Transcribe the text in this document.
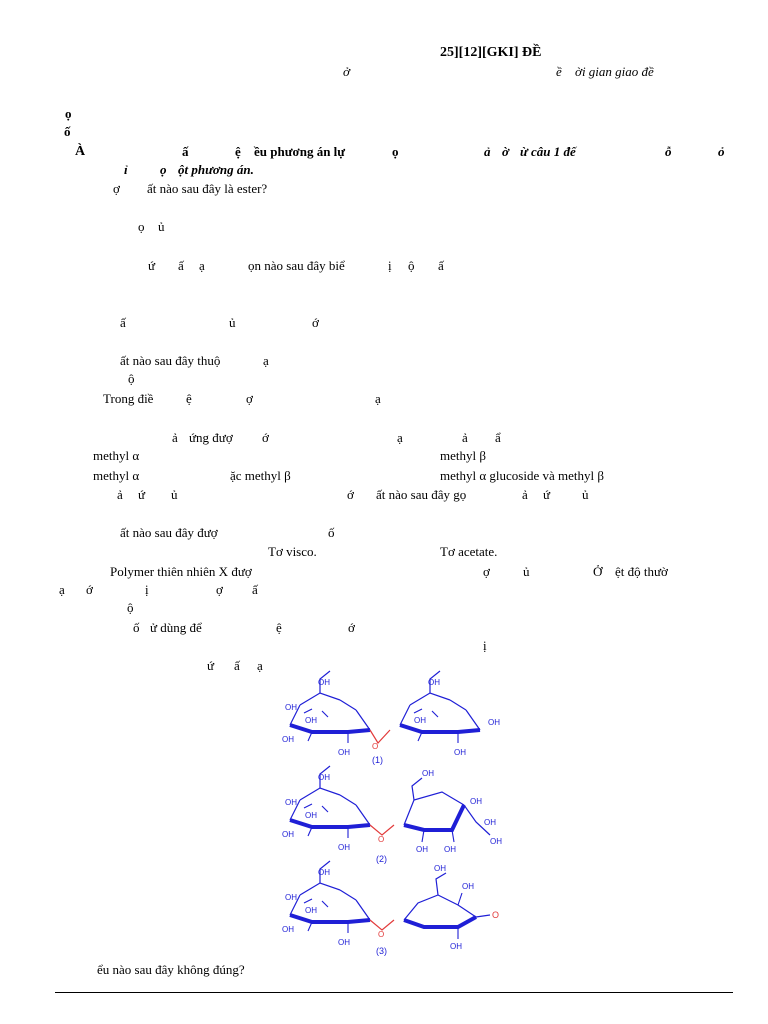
25][12][GKI] ĐỀ
ở	ề ời gian giao đề
ọ
ố
À	ấ	ệ ều phương án lự	ọ	ả ờ ừ câu 1 đế	ỗ	ỏ
ỉ ọ ột phương án.
ợ ất nào sau đây là ester?
ọ ủ
ứ ấ ạ	ọn nào sau đây biể	ị ộ ấ
ấ	ủ	ớ
ất nào sau đây thuộ	ạ
ộ
Trong điề	ệ	ợ	ạ
ả ứng đượ ớ	ạ	ả ẩ
methyl α	methyl β
methyl α	ặc methyl β	methyl α glucoside và methyl β
ả ứ ủ	ớ ất nào sau đây gọ	ả ứ ủ
ất nào sau đây đượ	ố
Tơ visco.	Tơ acetate.
Polymer thiên nhiên X đượ	ợ	ủ	Ở ệt độ thườ
ạ ớ	ị	ợ ấ
ộ
ố ử dùng để	ệ	ớ
ị
ứ ấ ạ
OH
OH
OH
OH
OH
O
OH
OH
OH
OH
(1)
OH
OH
OH
OH
OH
O
OH
OH
OH
OH
OH
OH
(2)
OH
OH
OH
OH
OH
O
OH
OH
OH
O
(3)
ểu nào sau đây không đúng?
